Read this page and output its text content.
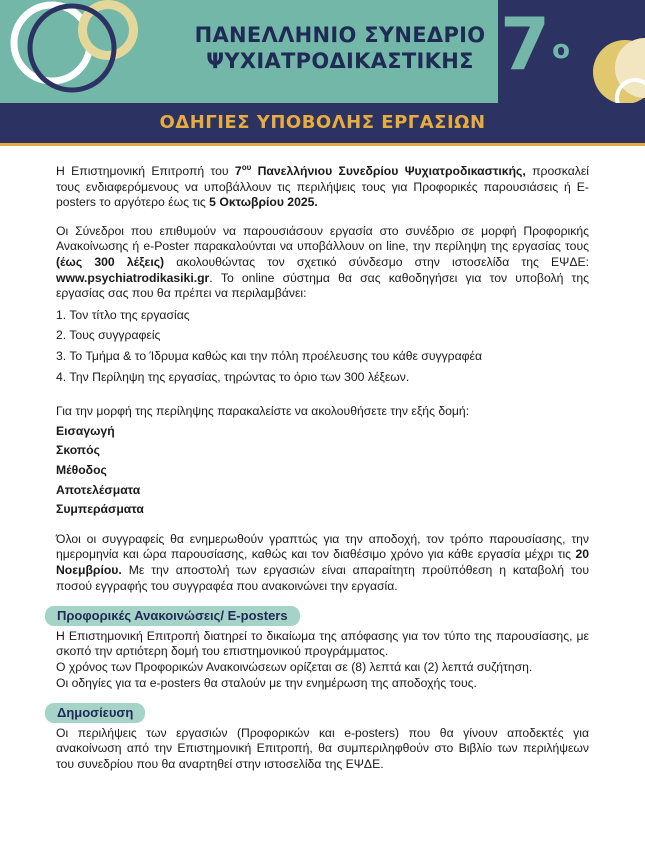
ΠΑΝΕΛΛΗΝΙΟ ΣΥΝΕΔΡΙΟ
ΨΥΧΙΑΤΡΟΔΙΚΑΣΤΙΚΗΣ $7^o$
ΟΔΗΓΙΕΣ ΥΠΟΒΟΛΗΣ ΕΡΓΑΣΙΩΝ

Η Επιστημονική Επιτροπή του $7^{o\upsilon}$ Πανελλήνιου Συνεδρίου Ψυχιατροδικαστικής, προσκαλεί τους ενδιαφερόμενους να υποβάλλουν τις περιλήψεις τους για Προφορικές παρουσιάσεις ή E-posters το αργότερο έως τις 5 Οκτωβρίου 2025.

Οι Σύνεδροι που επιθυμούν να παρουσιάσουν εργασία στο συνέδριο σε μορφή Προφορικής Ανακοίνωσης ή e-Poster παρακαλούνται να υποβάλλουν on line, την περίληψη της εργασίας τους (έως 300 λέξεις) ακολουθώντας τον σχετικό σύνδεσμο στην ιστοσελίδα της ΕΨΔΕ: www.psychiatrodikasiki.gr. Το online σύστημα θα σας καθοδηγήσει για τον υποβολή της εργασίας σας που θα πρέπει να περιλαμβάνει:

1. Τον τίτλο της εργασίας
2. Τους συγγραφείς
3. Το Τμήμα & το Ίδρυμα καθώς και την πόλη προέλευσης του κάθε συγγραφέα
4. Την Περίληψη της εργασίας, τηρώντας το όριο των 300 λέξεων.

Για την μορφή της περίληψης παρακαλείστε να ακολουθήσετε την εξής δομή:

Εισαγωγή
Σκοπός
Μέθοδος
Αποτελέσματα
Συμπεράσματα

Όλοι οι συγγραφείς θα ενημερωθούν γραπτώς για την αποδοχή, τον τρόπο παρουσίασης, την ημερομηνία και ώρα παρουσίασης, καθώς και τον διαθέσιμο χρόνο για κάθε εργασία μέχρι τις 20 Νοεμβρίου. Με την αποστολή των εργασιών είναι απαραίτητη προϋπόθεση η καταβολή του ποσού εγγραφής του συγγραφέα που ανακοινώνει την εργασία.

Προφορικές Ανακοινώσεις/ E-posters

Η Επιστημονική Επιτροπή διατηρεί το δικαίωμα της απόφασης για τον τύπο της παρουσίασης, με σκοπό την αρτιότερη δομή του επιστημονικού προγράμματος.

Ο χρόνος των Προφορικών Ανακοινώσεων ορίζεται σε (8) λεπτά και (2) λεπτά συζήτηση.

Οι οδηγίες για τα e-posters θα σταλούν με την ενημέρωση της αποδοχής τους.

Δημοσίευση

Οι περιλήψεις των εργασιών (Προφορικών και e-posters) που θα γίνουν αποδεκτές για ανακοίνωση από την Επιστημονική Επιτροπή, θα συμπεριληφθούν στο Βιβλίο των περιλήψεων του συνεδρίου που θα αναρτηθεί στην ιστοσελίδα της ΕΨΔΕ.
